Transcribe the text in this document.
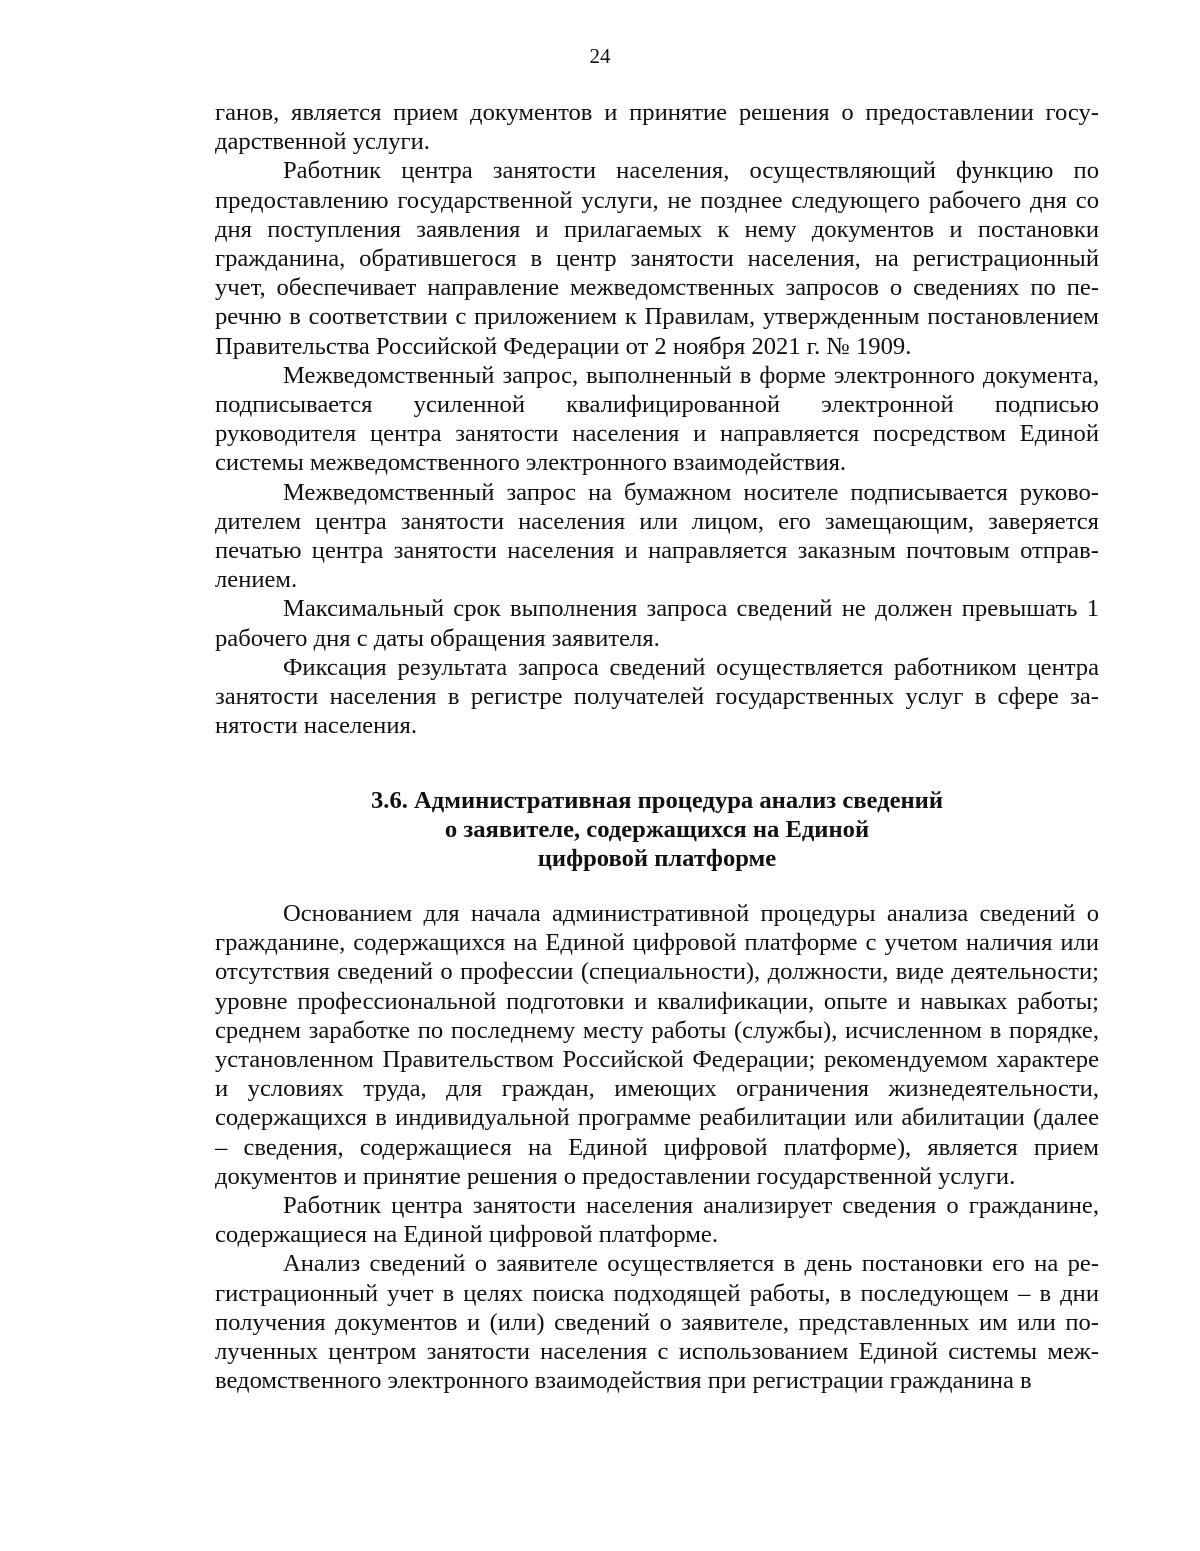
24

ганов, является прием документов и принятие решения о предоставлении государственной услуги.

Работник центра занятости населения, осуществляющий функцию по предоставлению государственной услуги, не позднее следующего рабочего дня со дня поступления заявления и прилагаемых к нему документов и постановки гражданина, обратившегося в центр занятости населения, на регистрационный учет, обеспечивает направление межведомственных запросов о сведениях по перечню в соответствии с приложением к Правилам, утвержденным постановлением Правительства Российской Федерации от 2 ноября 2021 г. № 1909.

Межведомственный запрос, выполненный в форме электронного документа, подписывается усиленной квалифицированной электронной подписью руководителя центра занятости населения и направляется посредством Единой системы межведомственного электронного взаимодействия.

Межведомственный запрос на бумажном носителе подписывается руководителем центра занятости населения или лицом, его замещающим, заверяется печатью центра занятости населения и направляется заказным почтовым отправлением.

Максимальный срок выполнения запроса сведений не должен превышать 1 рабочего дня с даты обращения заявителя.

Фиксация результата запроса сведений осуществляется работником центра занятости населения в регистре получателей государственных услуг в сфере занятости населения.

3.6. Административная процедура анализ сведений
о заявителе, содержащихся на Единой
цифровой платформе

Основанием для начала административной процедуры анализа сведений о гражданине, содержащихся на Единой цифровой платформе с учетом наличия или отсутствия сведений о профессии (специальности), должности, виде деятельности; уровне профессиональной подготовки и квалификации, опыте и навыках работы; среднем заработке по последнему месту работы (службы), исчисленном в порядке, установленном Правительством Российской Федерации; рекомендуемом характере и условиях труда, для граждан, имеющих ограничения жизнедеятельности, содержащихся в индивидуальной программе реабилитации или абилитации (далее – сведения, содержащиеся на Единой цифровой платформе), является прием документов и принятие решения о предоставлении государственной услуги.

Работник центра занятости населения анализирует сведения о гражданине, содержащиеся на Единой цифровой платформе.

Анализ сведений о заявителе осуществляется в день постановки его на регистрационный учет в целях поиска подходящей работы, в последующем – в дни получения документов и (или) сведений о заявителе, представленных им или полученных центром занятости населения с использованием Единой системы межведомственного электронного взаимодействия при регистрации гражданина в
